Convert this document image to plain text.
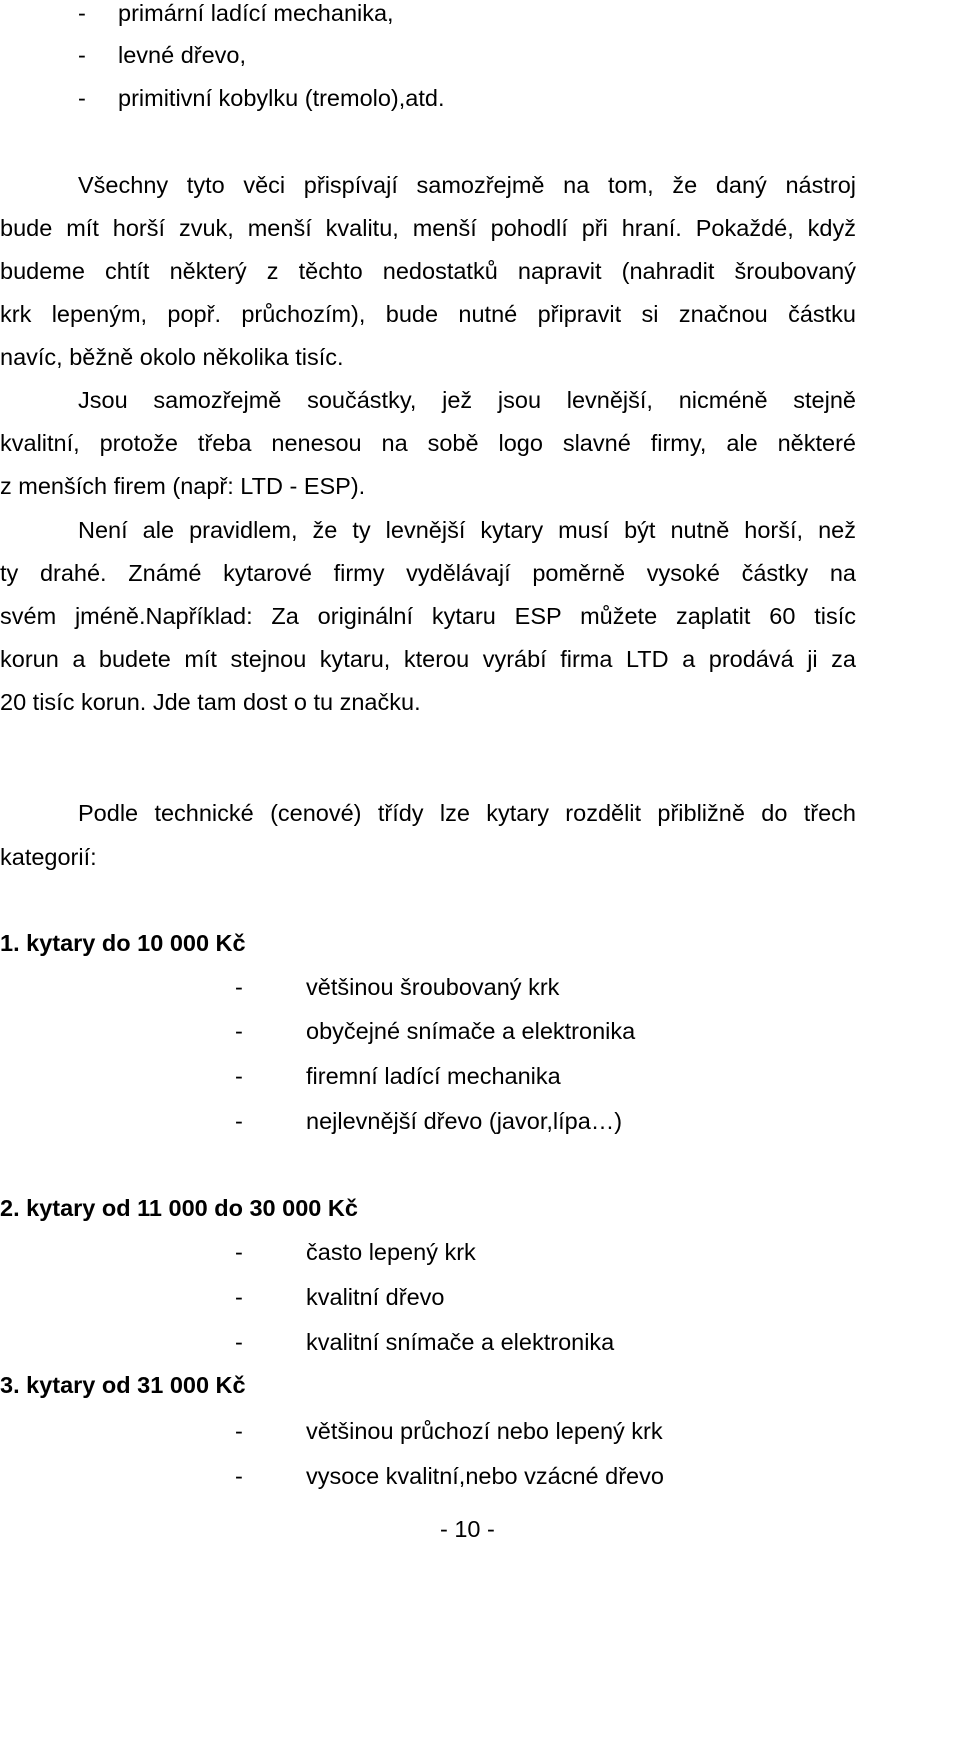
- primární ladící mechanika,
- levné dřevo,
- primitivní kobylku (tremolo),atd.
Všechny tyto věci přispívají samozřejmě na tom, že daný nástroj
bude mít horší zvuk, menší kvalitu, menší pohodlí při hraní. Pokaždé, když
budeme chtít některý z těchto nedostatků napravit (nahradit šroubovaný
krk lepeným, popř. průchozím), bude nutné připravit si značnou částku
navíc, běžně okolo několika tisíc.
Jsou samozřejmě součástky, jež jsou levnější, nicméně stejně
kvalitní, protože třeba nenesou na sobě logo slavné firmy, ale některé
z menších firem (např: LTD - ESP).
Není ale pravidlem, že ty levnější kytary musí být nutně horší, než
ty drahé. Známé kytarové firmy vydělávají poměrně vysoké částky na
svém jméně.Například: Za originální kytaru ESP můžete zaplatit 60 tisíc
korun a budete mít stejnou kytaru, kterou vyrábí firma LTD a prodává ji za
20 tisíc korun. Jde tam dost o tu značku.
Podle technické (cenové) třídy lze kytary rozdělit přibližně do třech
kategorií:
1. kytary do 10 000 Kč
-	většinou šroubovaný krk
-	obyčejné snímače a elektronika
-	firemní ladící mechanika
-	nejlevnější dřevo (javor,lípa…)
2. kytary od 11 000 do 30 000 Kč
-	často lepený krk
-	kvalitní dřevo
-	kvalitní snímače a elektronika
3. kytary od 31 000 Kč
-	většinou průchozí nebo lepený krk
-	vysoce kvalitní,nebo vzácné dřevo
- 10 -
